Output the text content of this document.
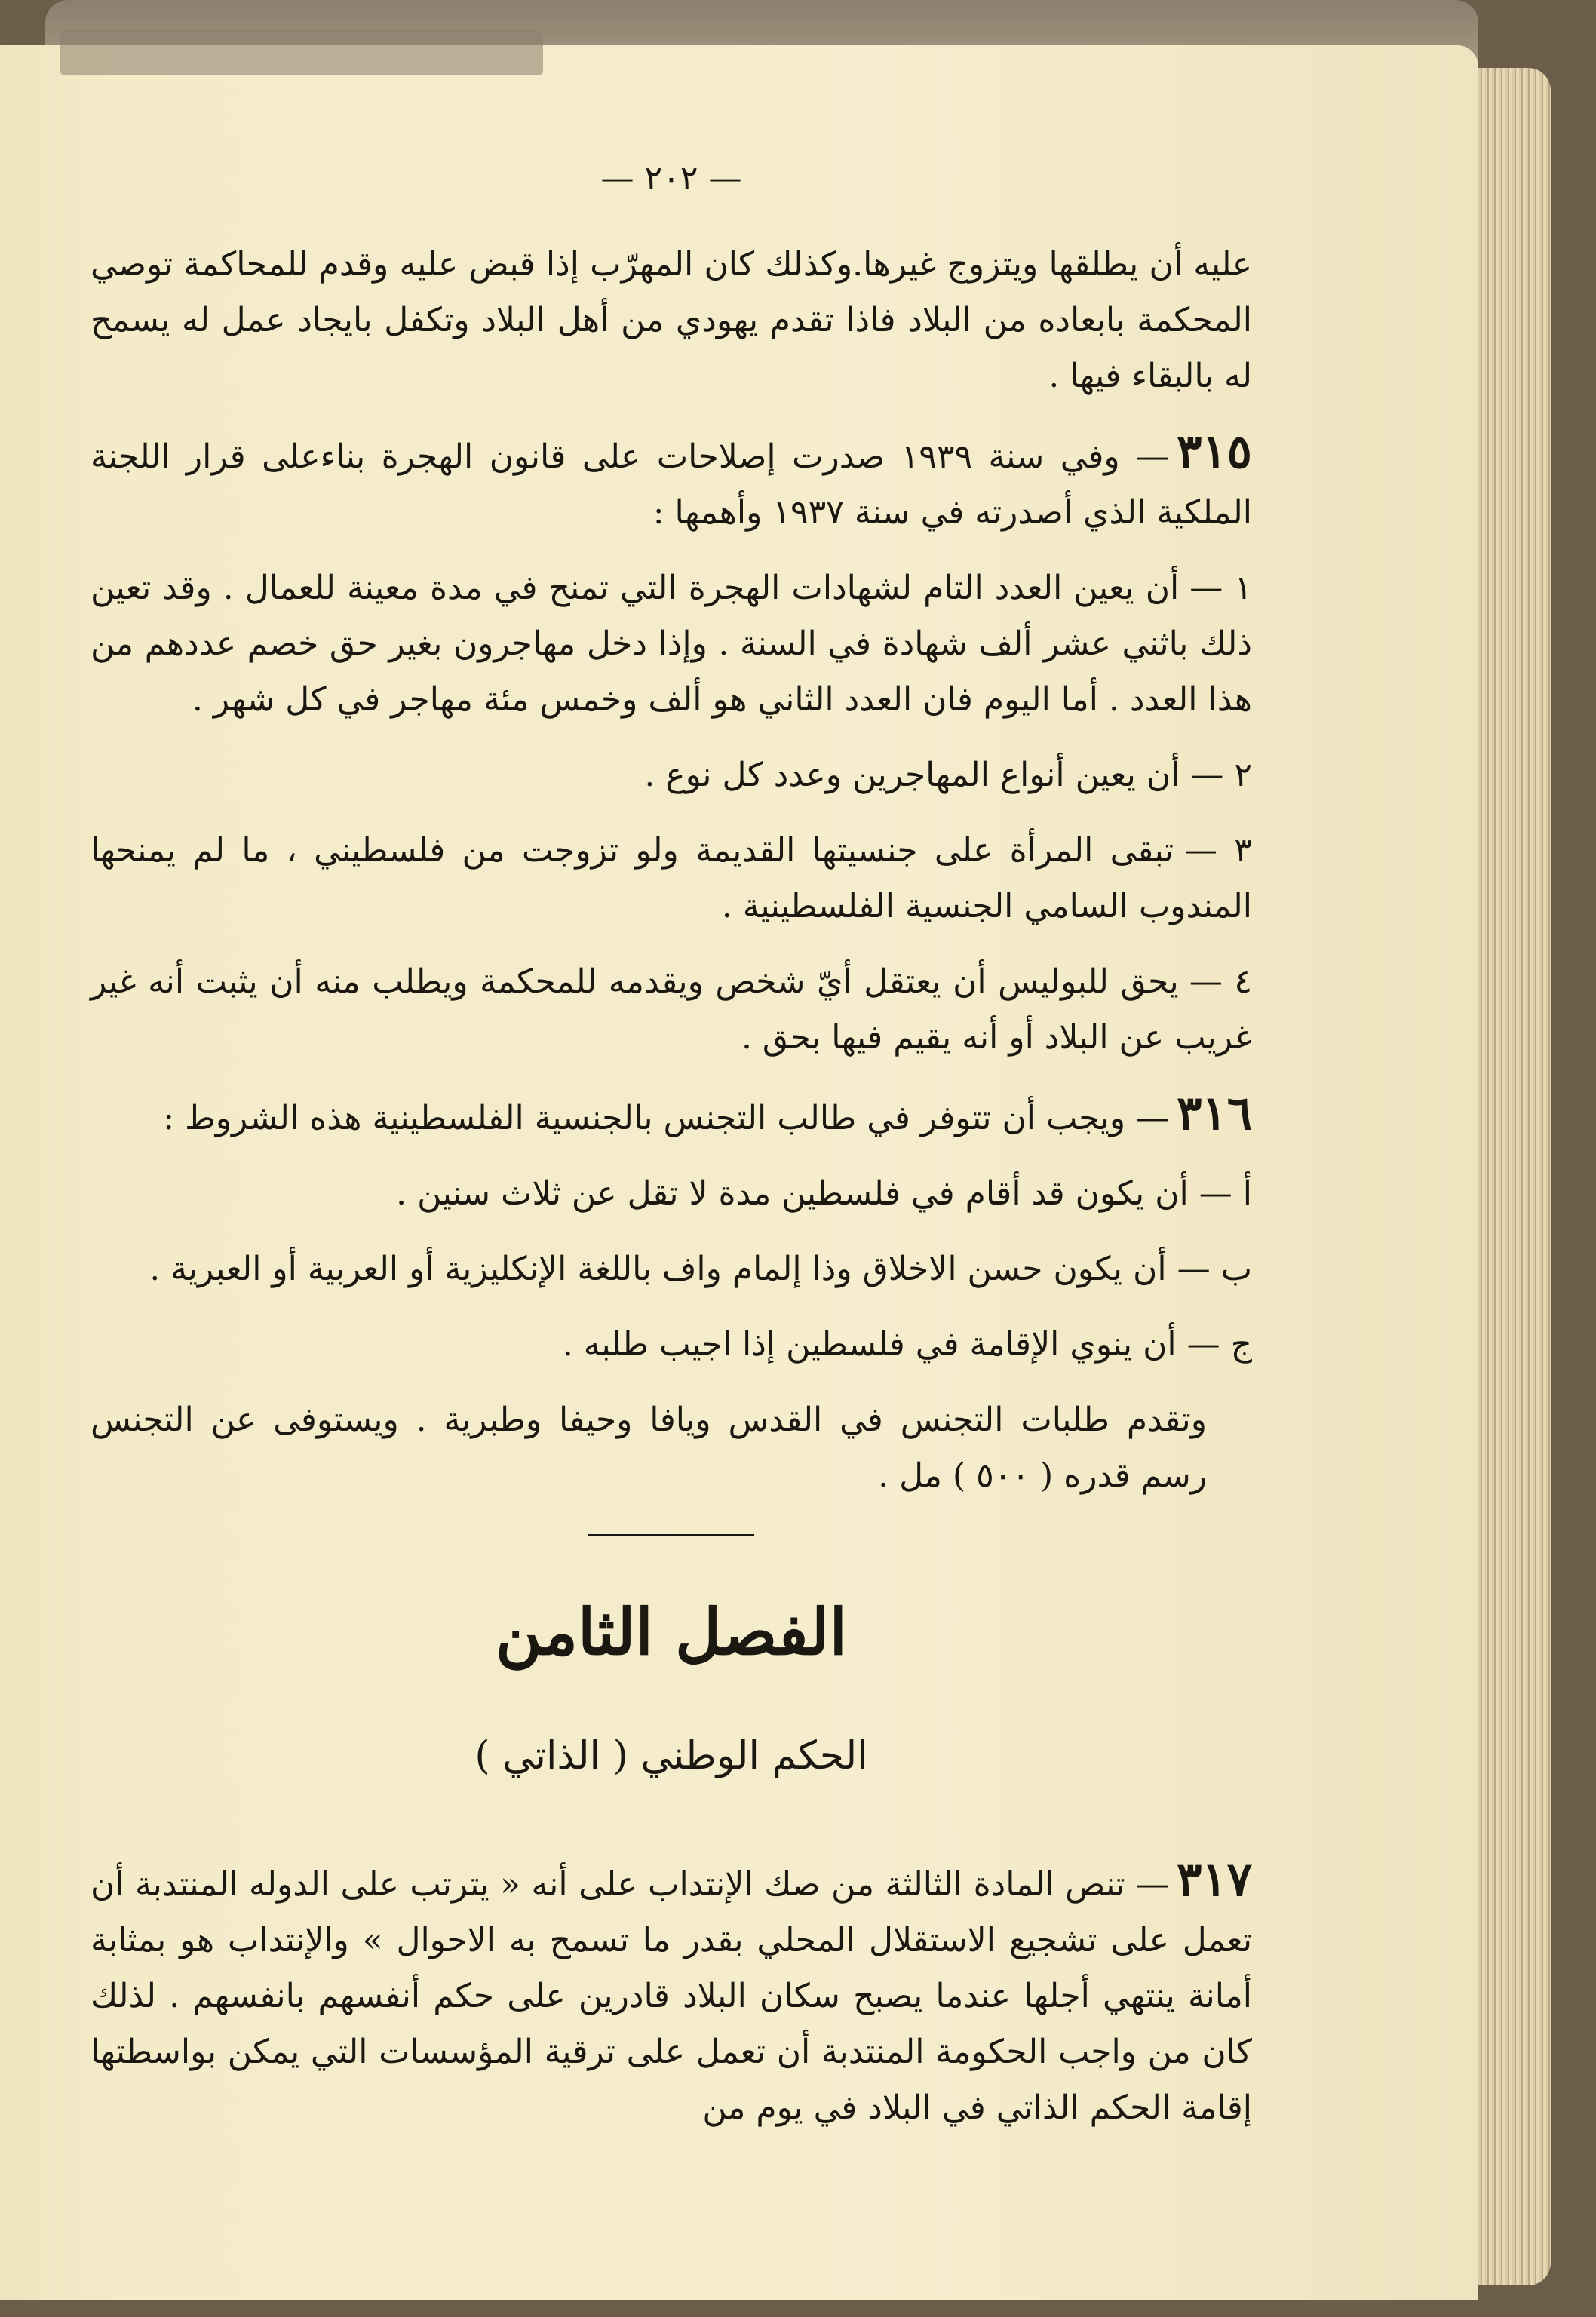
— ٢٠٢ —
عليه أن يطلقها ويتزوج غيرها.وكذلك كان المهرّب إذا قبض عليه وقدم للمحاكمة توصي المحكمة بابعاده من البلاد فاذا تقدم يهودي من أهل البلاد وتكفل بايجاد عمل له يسمح له بالبقاء فيها .
٣١٥— وفي سنة ١٩٣٩ صدرت إصلاحات على قانون الهجرة بناءعلى قرار اللجنة الملكية الذي أصدرته في سنة ١٩٣٧ وأهمها :
١ —أن يعين العدد التام لشهادات الهجرة التي تمنح في مدة معينة للعمال . وقد تعين ذلك باثني عشر ألف شهادة في السنة . وإذا دخل مهاجرون بغير حق خصم عددهم من هذا العدد . أما اليوم فان العدد الثاني هو ألف وخمس مئة مهاجر في كل شهر .
٢ —أن يعين أنواع المهاجرين وعدد كل نوع .
٣ —تبقى المرأة على جنسيتها القديمة ولو تزوجت من فلسطيني ، ما لم يمنحها المندوب السامي الجنسية الفلسطينية .
٤ —يحق للبوليس أن يعتقل أيّ شخص ويقدمه للمحكمة ويطلب منه أن يثبت أنه غير غريب عن البلاد أو أنه يقيم فيها بحق .
٣١٦— ويجب أن تتوفر في طالب التجنس بالجنسية الفلسطينية هذه الشروط :
أ —أن يكون قد أقام في فلسطين مدة لا تقل عن ثلاث سنين .
ب —أن يكون حسن الاخلاق وذا إلمام واف باللغة الإنكليزية أو العربية أو العبرية .
ج —أن ينوي الإقامة في فلسطين إذا اجيب طلبه .
وتقدم طلبات التجنس في القدس ويافا وحيفا وطبرية . ويستوفى عن التجنس رسم قدره ( ٥٠٠ ) مل .
الفصل الثامن
الحكم الوطني ( الذاتي )
٣١٧— تنص المادة الثالثة من صك الإنتداب على أنه « يترتب على الدوله المنتدبة أن تعمل على تشجيع الاستقلال المحلي بقدر ما تسمح به الاحوال » والإنتداب هو بمثابة أمانة ينتهي أجلها عندما يصبح سكان البلاد قادرين على حكم أنفسهم بانفسهم . لذلك كان من واجب الحكومة المنتدبة أن تعمل على ترقية المؤسسات التي يمكن بواسطتها إقامة الحكم الذاتي في البلاد في يوم من
